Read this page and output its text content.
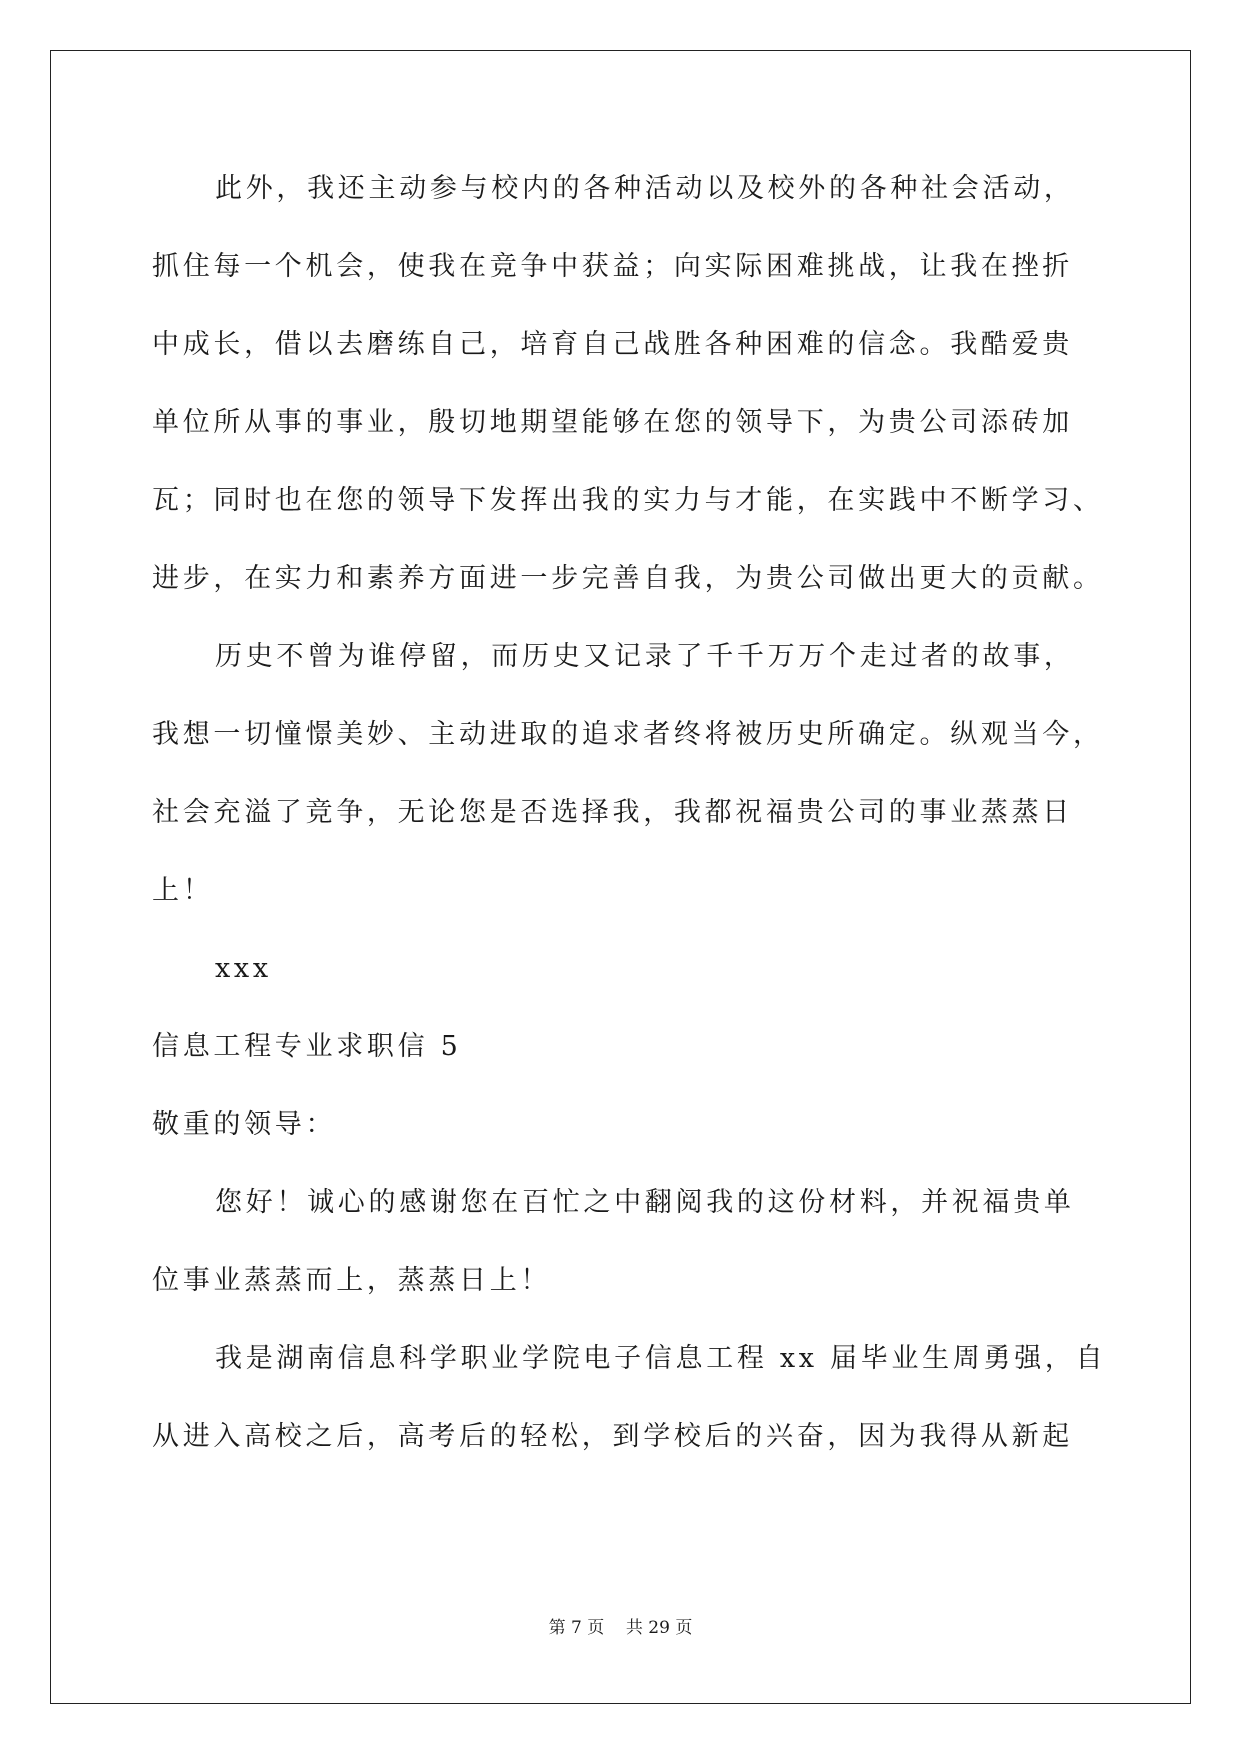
此外，我还主动参与校内的各种活动以及校外的各种社会活动，
抓住每一个机会，使我在竞争中获益；向实际困难挑战，让我在挫折
中成长，借以去磨练自己，培育自己战胜各种困难的信念。我酷爱贵
单位所从事的事业，殷切地期望能够在您的领导下，为贵公司添砖加
瓦；同时也在您的领导下发挥出我的实力与才能，在实践中不断学习、
进步，在实力和素养方面进一步完善自我，为贵公司做出更大的贡献。
历史不曾为谁停留，而历史又记录了千千万万个走过者的故事，
我想一切憧憬美妙、主动进取的追求者终将被历史所确定。纵观当今，
社会充溢了竞争，无论您是否选择我，我都祝福贵公司的事业蒸蒸日
上！
xxx
信息工程专业求职信 5
敬重的领导：
您好！诚心的感谢您在百忙之中翻阅我的这份材料，并祝福贵单
位事业蒸蒸而上，蒸蒸日上！
我是湖南信息科学职业学院电子信息工程 xx 届毕业生周勇强，自
从进入高校之后，高考后的轻松，到学校后的兴奋，因为我得从新起
第 7 页    共 29 页
